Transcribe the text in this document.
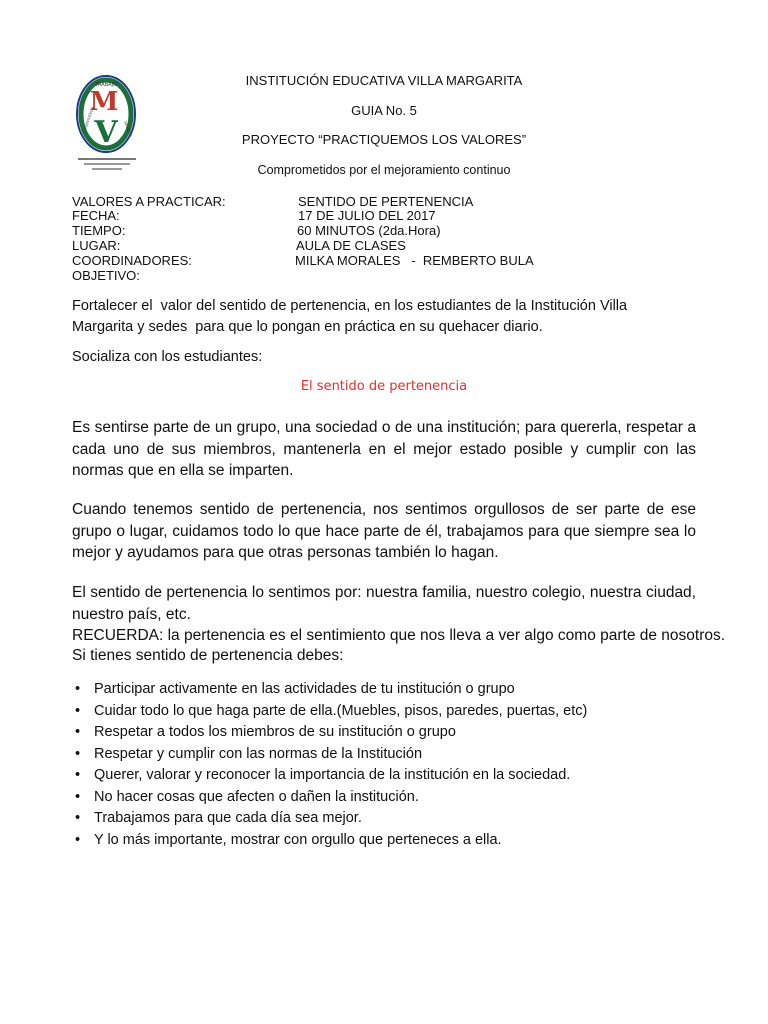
TRABAJO
M
V
CONVIVENCIA	RESPETO
INSTITUCIÓN EDUCATIVA VILLA MARGARITA
GUIA No. 5
PROYECTO “PRACTIQUEMOS LOS VALORES”
Comprometidos por el mejoramiento continuo
VALORES A PRACTICAR:	SENTIDO DE PERTENENCIA
FECHA:	17 DE JULIO DEL 2017
TIEMPO:	60 MINUTOS (2da.Hora)
LUGAR:	AULA DE CLASES
COORDINADORES:	MILKA MORALES   -  REMBERTO BULA
OBJETIVO:
Fortalecer el  valor del sentido de pertenencia, en los estudiantes de la Institución Villa Margarita y sedes  para que lo pongan en práctica en su quehacer diario.
Socializa con los estudiantes:
El sentido de pertenencia
Es sentirse parte de un grupo, una sociedad o de una institución; para quererla, respetar a cada uno de sus miembros, mantenerla en el mejor estado posible y cumplir con las normas que en ella se imparten.
Cuando tenemos sentido de pertenencia, nos sentimos orgullosos de ser parte de ese grupo o lugar, cuidamos todo lo que hace parte de él, trabajamos para que siempre sea lo mejor y ayudamos para que otras personas también lo hagan.
El sentido de pertenencia lo sentimos por: nuestra familia, nuestro colegio, nuestra ciudad, nuestro país, etc.
RECUERDA: la pertenencia es el sentimiento que nos lleva a ver algo como parte de nosotros.
Si tienes sentido de pertenencia debes:
• Participar activamente en las actividades de tu institución o grupo
• Cuidar todo lo que haga parte de ella.(Muebles, pisos, paredes, puertas, etc)
• Respetar a todos los miembros de su institución o grupo
• Respetar y cumplir con las normas de la Institución
• Querer, valorar y reconocer la importancia de la institución en la sociedad.
• No hacer cosas que afecten o dañen la institución.
• Trabajamos para que cada día sea mejor.
• Y lo más importante, mostrar con orgullo que perteneces a ella.
